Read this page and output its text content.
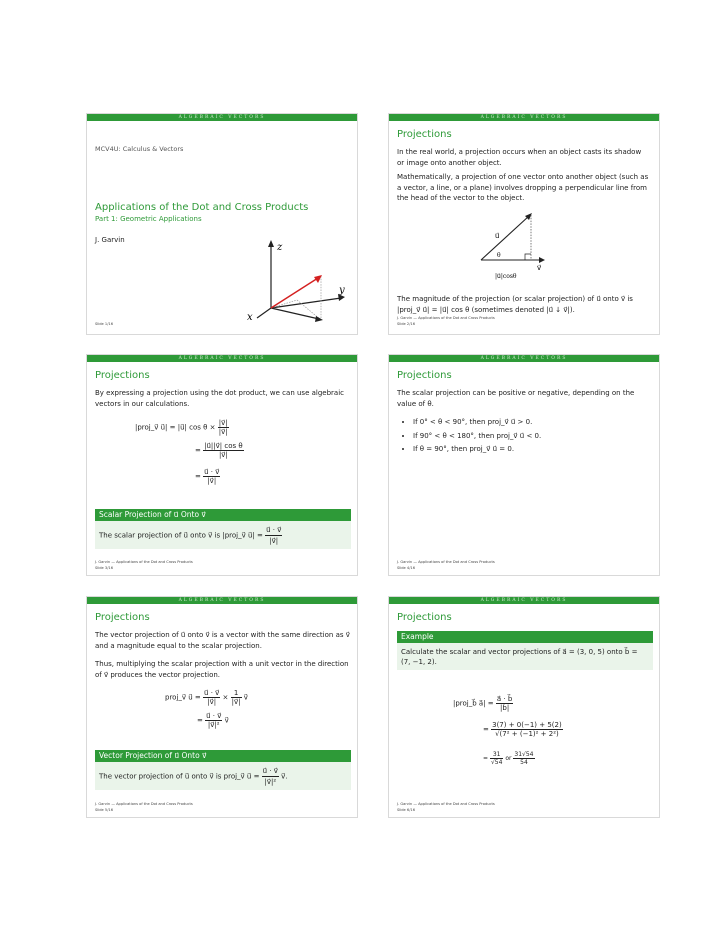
ALGEBRAIC VECTORS

MCV4U: Calculus & Vectors

Applications of the Dot and Cross Products

Part 1: Geometric Applications

J. Garvin

z
y
x
Slide 1/16
ALGEBRAIC VECTORS

Projections

In the real world, a projection occurs when an object casts its shadow or image onto another object.

Mathematically, a projection of one vector onto another object (such as a vector, a line, or a plane) involves dropping a perpendicular line from the head of the vector to the object.

u⃗
θ
v⃗
|u⃗|cosθ

The magnitude of the projection (or scalar projection) of u⃗ onto v⃗ is |proj_v⃗ u⃗| = |u⃗| cos θ (sometimes denoted |u⃗ ↓ v⃗|).

J. Garvin — Applications of the Dot and Cross Products
Slide 2/16
ALGEBRAIC VECTORS

Projections

By expressing a projection using the dot product, we can use algebraic vectors in our calculations.

|proj_v⃗ u⃗| = |u⃗| $\cos \theta \times \frac{|v⃗|}{|v⃗|}$
= $\frac{\text{|u⃗||v⃗| cos θ}}{|v⃗|}$
= $\frac{u⃗ \cdot v⃗}{|v⃗|}$
Scalar Projection of u⃗ Onto v⃗
The scalar projection of u⃗ onto v⃗ is |proj_v⃗ u⃗| = $\frac{u⃗ \cdot v⃗}{|v⃗|}$
J. Garvin — Applications of the Dot and Cross Products
Slide 3/16
ALGEBRAIC VECTORS

Projections

The scalar projection can be positive or negative, depending on the value of θ.

• If 0° < θ < 90°, then proj_v⃗ u⃗ > 0.
• If 90° < θ < 180°, then proj_v⃗ u⃗ < 0.
• If θ = 90°, then proj_v⃗ u⃗ = 0.
J. Garvin — Applications of the Dot and Cross Products
Slide 4/16
ALGEBRAIC VECTORS

Projections

The vector projection of u⃗ onto v⃗ is a vector with the same direction as v⃗ and a magnitude equal to the scalar projection.

Thus, multiplying the scalar projection with a unit vector in the direction of v⃗ produces the vector projection.

proj_v⃗ u⃗ = $\frac{u⃗ \cdot v⃗}{|v⃗|} \times \frac{1}{|v⃗|}$ v⃗
= $\frac{u⃗ \cdot v⃗}{\text{|v⃗|²}}$ v⃗
Vector Projection of u⃗ Onto v⃗
The vector projection of u⃗ onto v⃗ is proj_v⃗ u⃗ = $\frac{u⃗ \cdot v⃗}{\text{|v⃗|²}}$ v⃗.
J. Garvin — Applications of the Dot and Cross Products
Slide 5/16
ALGEBRAIC VECTORS

Projections

Example
Calculate the scalar and vector projections of a⃗ = (3, 0, 5) onto b⃗ = (7, −1, 2).
|proj_b⃗ a⃗| = $\frac{a⃗ \cdot b⃗}{|b⃗|}$
= $\frac{3(7) + 0(-1) + 5(2)}{\text{√(7² + (−1)² + 2²)}}$
= $\frac{31}{√54}$ or $\frac{31√54}{54}$
J. Garvin — Applications of the Dot and Cross Products
Slide 6/16
